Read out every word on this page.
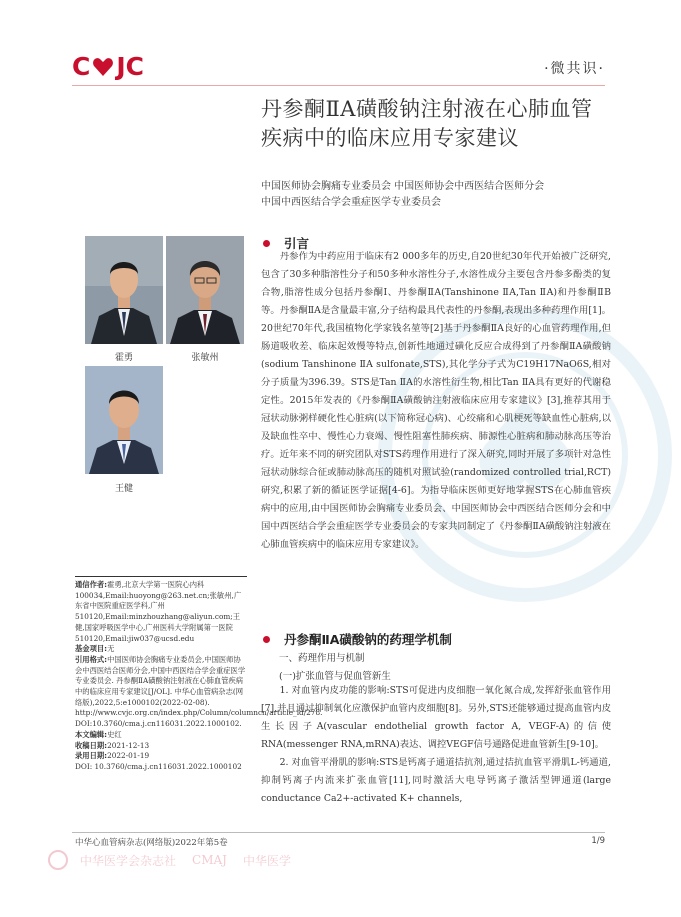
C JC	·微共识·
丹参酮ⅡA磺酸钠注射液在心肺血管
疾病中的临床应用专家建议
中国医师协会胸痛专业委员会 中国医师协会中西医结合医师分会
中国中西医结合学会重症医学专业委员会
霍勇	张敏州
王健

通信作者:霍勇,北京大学第一医院心内科100034,Email:huoyong@263.net.cn;张敏州,广东省中医院重症医学科,广州510120,Email:minzhouzhang@aliyun.com;王健,国家呼吸医学中心,广州医科大学附属第一医院510120,Email:jiw037@ucsd.edu

基金项目:无

引用格式:中国医师协会胸痛专业委员会,中国医师协会中西医结合医师分会,中国中西医结合学会重症医学专业委员会. 丹参酮ⅡA磺酸钠注射液在心肺血管疾病中的临床应用专家建议[J/OL]. 中华心血管病杂志(网络版),2022,5:e1000102(2022-02-08). http://www.cvjc.org.cn/index.php/Column/columncn/article_id/278. DOI:10.3760/cma.j.cn116031.2022.1000102.

本文编辑:史红

收稿日期:2021-12-13

录用日期:2022-01-19

DOI: 10.3760/cma.j.cn116031.2022.1000102

引言

丹参作为中药应用于临床有2 000多年的历史,自20世纪30年代开始被广泛研究,包含了30多种脂溶性分子和50多种水溶性分子,水溶性成分主要包含丹参多酚类的复合物,脂溶性成分包括丹参酮Ⅰ、丹参酮ⅡA(Tanshinone ⅡA,Tan ⅡA)和丹参酮ⅡB等。丹参酮ⅡA是含量最丰富,分子结构最具代表性的丹参酮,表现出多种药理作用[1]。

20世纪70年代,我国植物化学家钱名堃等[2]基于丹参酮ⅡA良好的心血管药理作用,但肠道吸收差、临床起效慢等特点,创新性地通过磺化反应合成得到了丹参酮ⅡA磺酸钠(sodium Tanshinone ⅡA sulfonate,STS),其化学分子式为C19H17NaO6S,相对分子质量为396.39。STS是Tan ⅡA的水溶性衍生物,相比Tan ⅡA具有更好的代谢稳定性。2015年发表的《丹参酮ⅡA磺酸钠注射液临床应用专家建议》[3],推荐其用于冠状动脉粥样硬化性心脏病(以下简称冠心病)、心绞痛和心肌梗死等缺血性心脏病,以及缺血性卒中、慢性心力衰竭、慢性阻塞性肺疾病、肺源性心脏病和肺动脉高压等治疗。近年来不同的研究团队对STS药理作用进行了深入研究,同时开展了多项针对急性冠状动脉综合征或肺动脉高压的随机对照试验(randomized controlled trial,RCT)研究,积累了新的循证医学证据[4-6]。为指导临床医师更好地掌握STS在心肺血管疾病中的应用,由中国医师协会胸痛专业委员会、中国医师协会中西医结合医师分会和中国中西医结合学会重症医学专业委员会的专家共同制定了《丹参酮ⅡA磺酸钠注射液在心肺血管疾病中的临床应用专家建议》。

丹参酮ⅡA磺酸钠的药理学机制
一、药理作用与机制
(一)扩张血管与促血管新生

1. 对血管内皮功能的影响:STS可促进内皮细胞一氧化氮合成,发挥舒张血管作用[7],并且通过抑制氧化应激保护血管内皮细胞[8]。另外,STS还能够通过提高血管内皮生长因子A(vascular endothelial growth factor A, VEGF-A)的信使RNA(messenger RNA,mRNA)表达、调控VEGF信号通路促进血管新生[9-10]。

2. 对血管平滑肌的影响:STS是钙离子通道拮抗剂,通过拮抗血管平滑肌L-钙通道,抑制钙离子内流来扩张血管[11],同时激活大电导钙离子激活型钾通道(large conductance Ca2+-activated K+ channels,

中华心血管病杂志(网络版)2022年第5卷	1/9
中华医学会杂志社 CMAJ 中华医学
